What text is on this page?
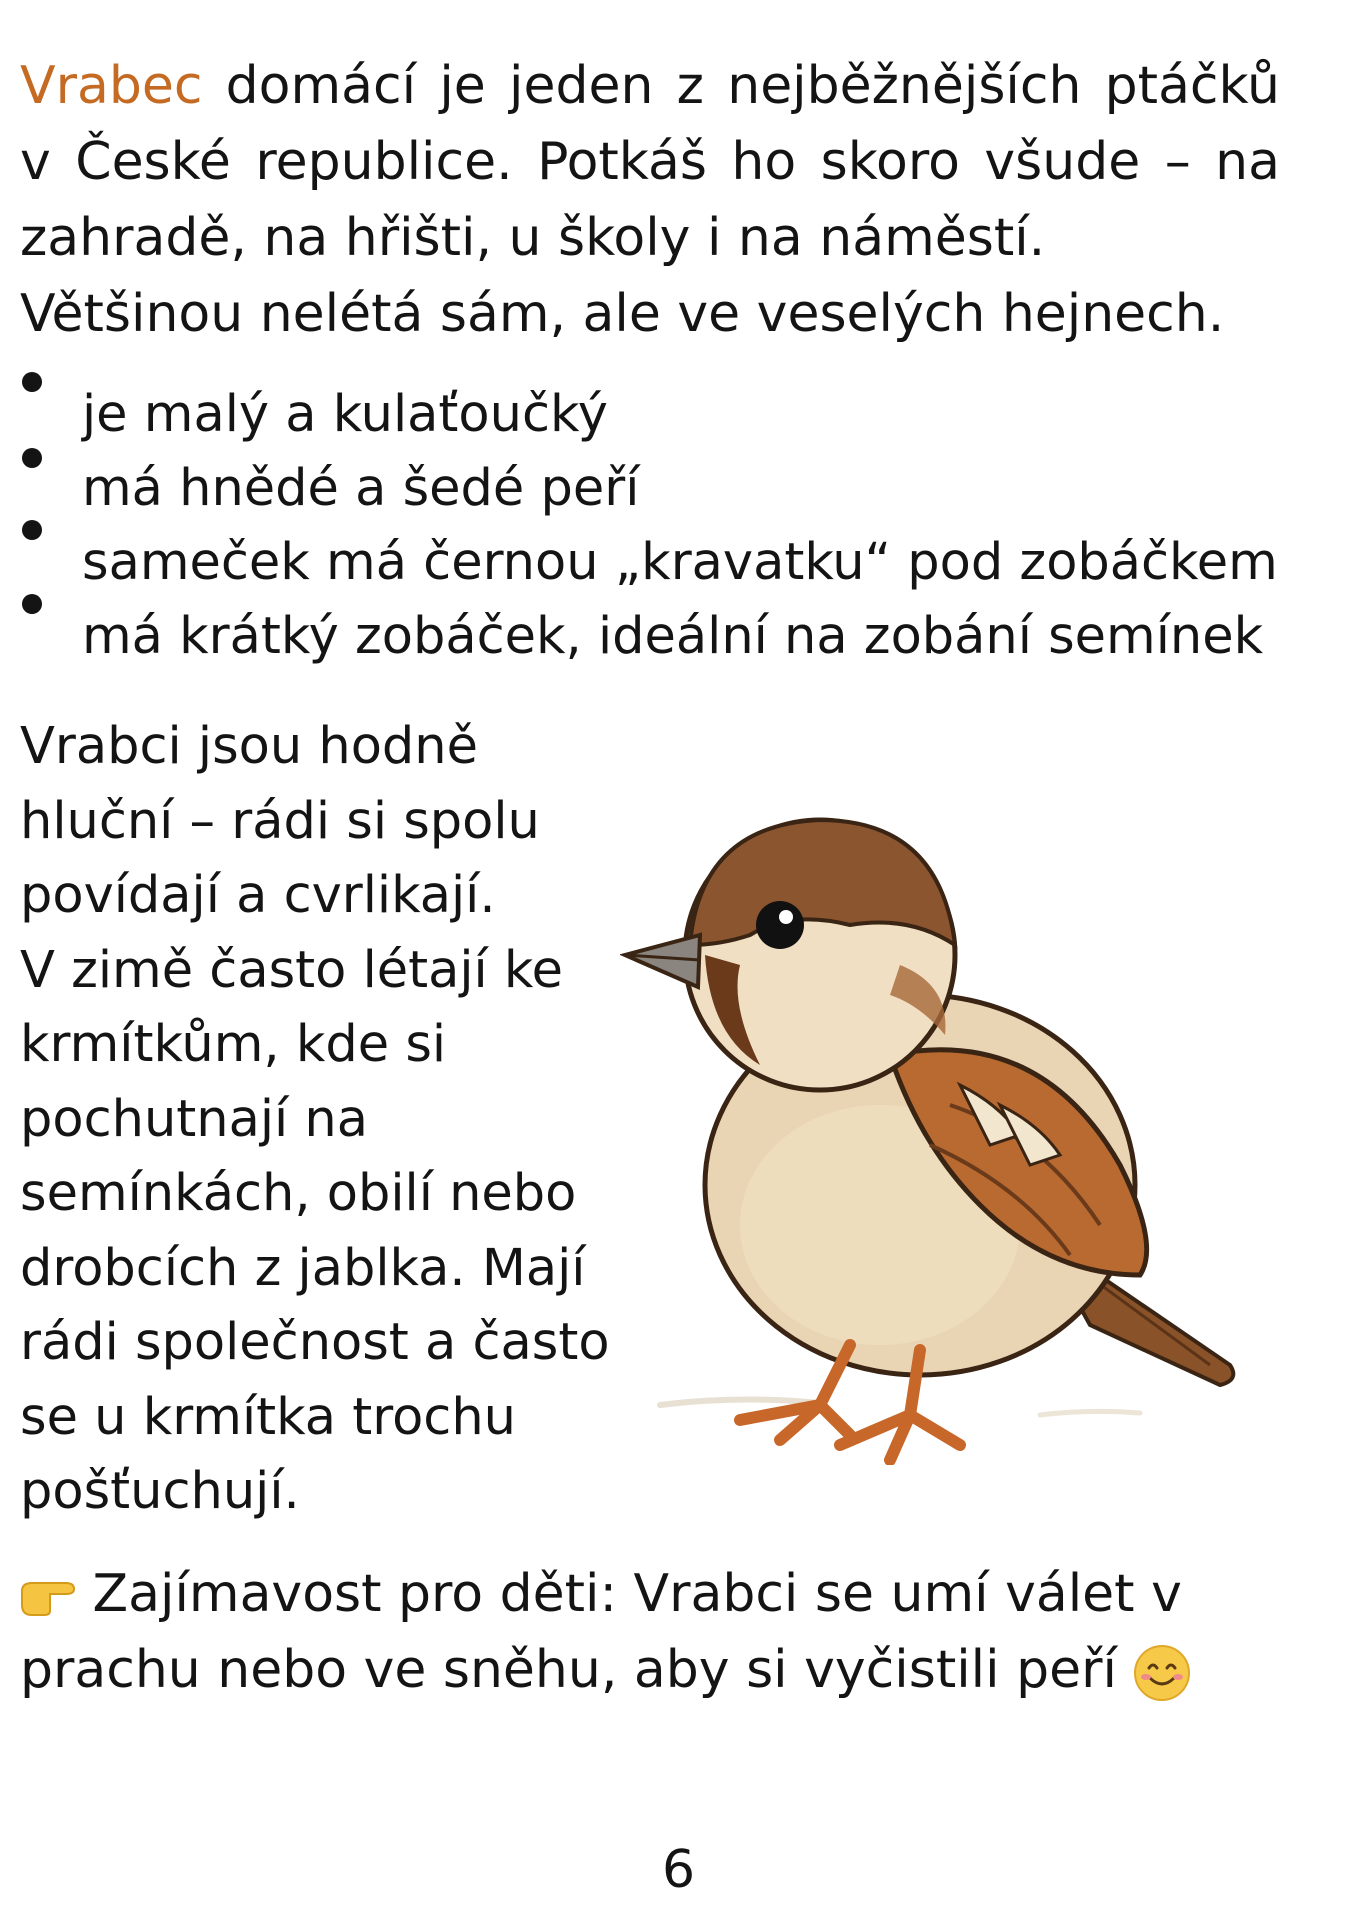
Vrabec domácí je jeden z nejběžnějších ptáčků v České republice. Potkáš ho skoro všude – na zahradě, na hřišti, u školy i na náměstí.
Většinou nelétá sám, ale ve veselých hejnech.

je malý a kulaťoučký
má hnědé a šedé peří
sameček má černou „kravatku“ pod zobáčkem
má krátký zobáček, ideální na zobání semínek

Vrabci jsou hodně
hluční – rádi si spolu
povídají a cvrlikají.
V zimě často létají ke
krmítkům, kde si
pochutnají na
semínkách, obilí nebo
drobcích z jablka. Mají
rádi společnost a často
se u krmítka trochu
pošťuchují.

Zajímavost pro děti: Vrabci se umí válet v
prachu nebo ve sněhu, aby si vyčistili peří

6
